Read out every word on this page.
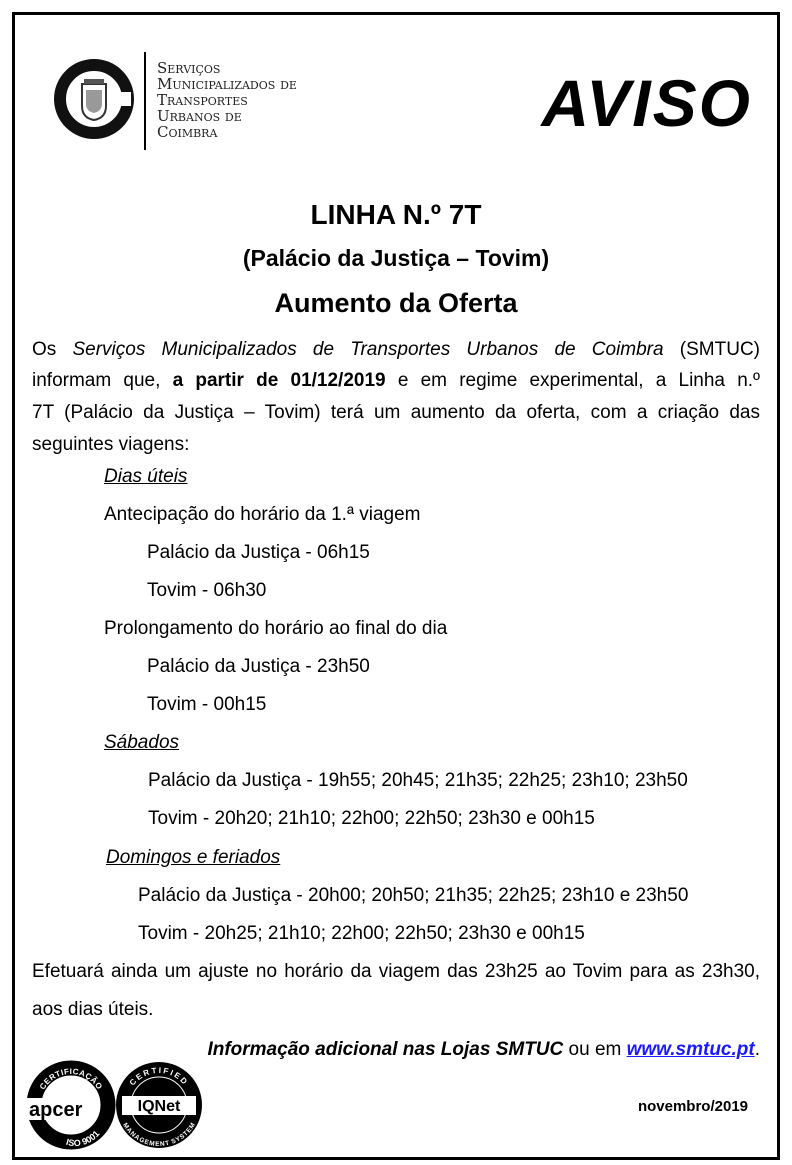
Serviços
Municipalizados de
Transportes
Urbanos de
Coimbra	AVISO
LINHA N.º 7T
(Palácio da Justiça – Tovim)
Aumento da Oferta
Os Serviços Municipalizados de Transportes Urbanos de Coimbra (SMTUC)
informam que, a partir de 01/12/2019 e em regime experimental, a Linha n.º
7T (Palácio da Justiça – Tovim) terá um aumento da oferta, com a criação das
seguintes viagens:
Dias úteis
Antecipação do horário da 1.ª viagem
Palácio da Justiça - 06h15
Tovim - 06h30
Prolongamento do horário ao final do dia
Palácio da Justiça - 23h50
Tovim - 00h15
Sábados
Palácio da Justiça - 19h55; 20h45; 21h35; 22h25; 23h10; 23h50
Tovim - 20h20; 21h10; 22h00; 22h50; 23h30 e 00h15
Domingos e feriados
Palácio da Justiça - 20h00; 20h50; 21h35; 22h25; 23h10 e 23h50
Tovim - 20h25; 21h10; 22h00; 22h50; 23h30 e 00h15
Efetuará ainda um ajuste no horário da viagem das 23h25 ao Tovim para as 23h30,
aos dias úteis.
Informação adicional nas Lojas SMTUC ou em www.smtuc.pt.
CERTIFICAÇÃO
ISO 9001
apcer
CERTIFIED
MANAGEMENT SYSTEM
IQNet	novembro/2019
